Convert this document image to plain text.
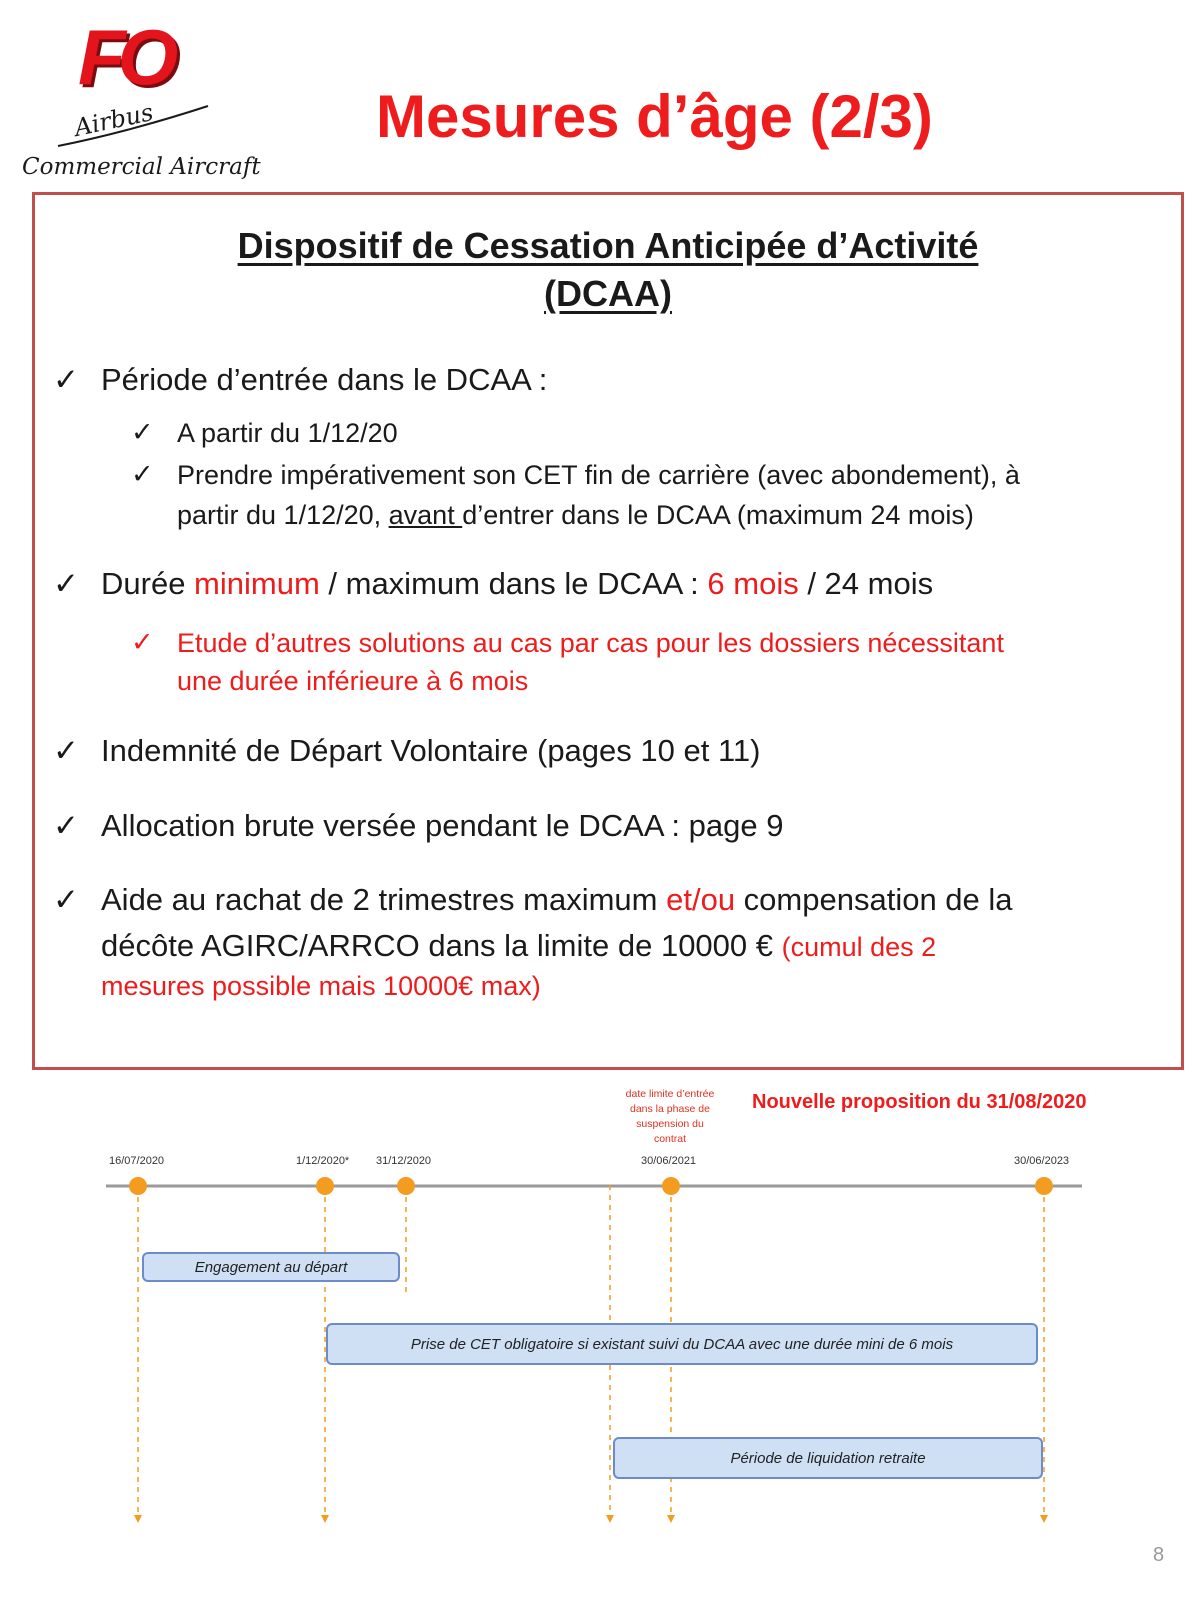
FO
Airbus
Commercial Aircraft
Mesures d’âge (2/3)
Dispositif de Cessation Anticipée d’Activité
(DCAA)
✓ Période d’entrée dans le DCAA :
✓ A partir du 1/12/20
✓ Prendre impérativement son CET fin de carrière (avec abondement), à
partir du 1/12/20, avant d’entrer dans le DCAA (maximum 24 mois)
✓ Durée minimum / maximum dans le DCAA : 6 mois / 24 mois
✓ Etude d’autres solutions au cas par cas pour les dossiers nécessitant
une durée inférieure à 6 mois
✓ Indemnité de Départ Volontaire (pages 10 et 11)
✓ Allocation brute versée pendant le DCAA : page 9
✓ Aide au rachat de 2 trimestres maximum et/ou compensation de la
décôte AGIRC/ARRCO dans la limite de 10000 € (cumul des 2
mesures possible mais 10000€ max)
date limite d’entrée
dans la phase de
suspension du
contrat
Nouvelle proposition du 31/08/2020
16/07/2020	1/12/2020* 31/12/2020	30/06/2021	30/06/2023
Engagement au départ
Prise de CET obligatoire si existant suivi du DCAA avec une durée mini de 6 mois
Période de liquidation retraite
8
